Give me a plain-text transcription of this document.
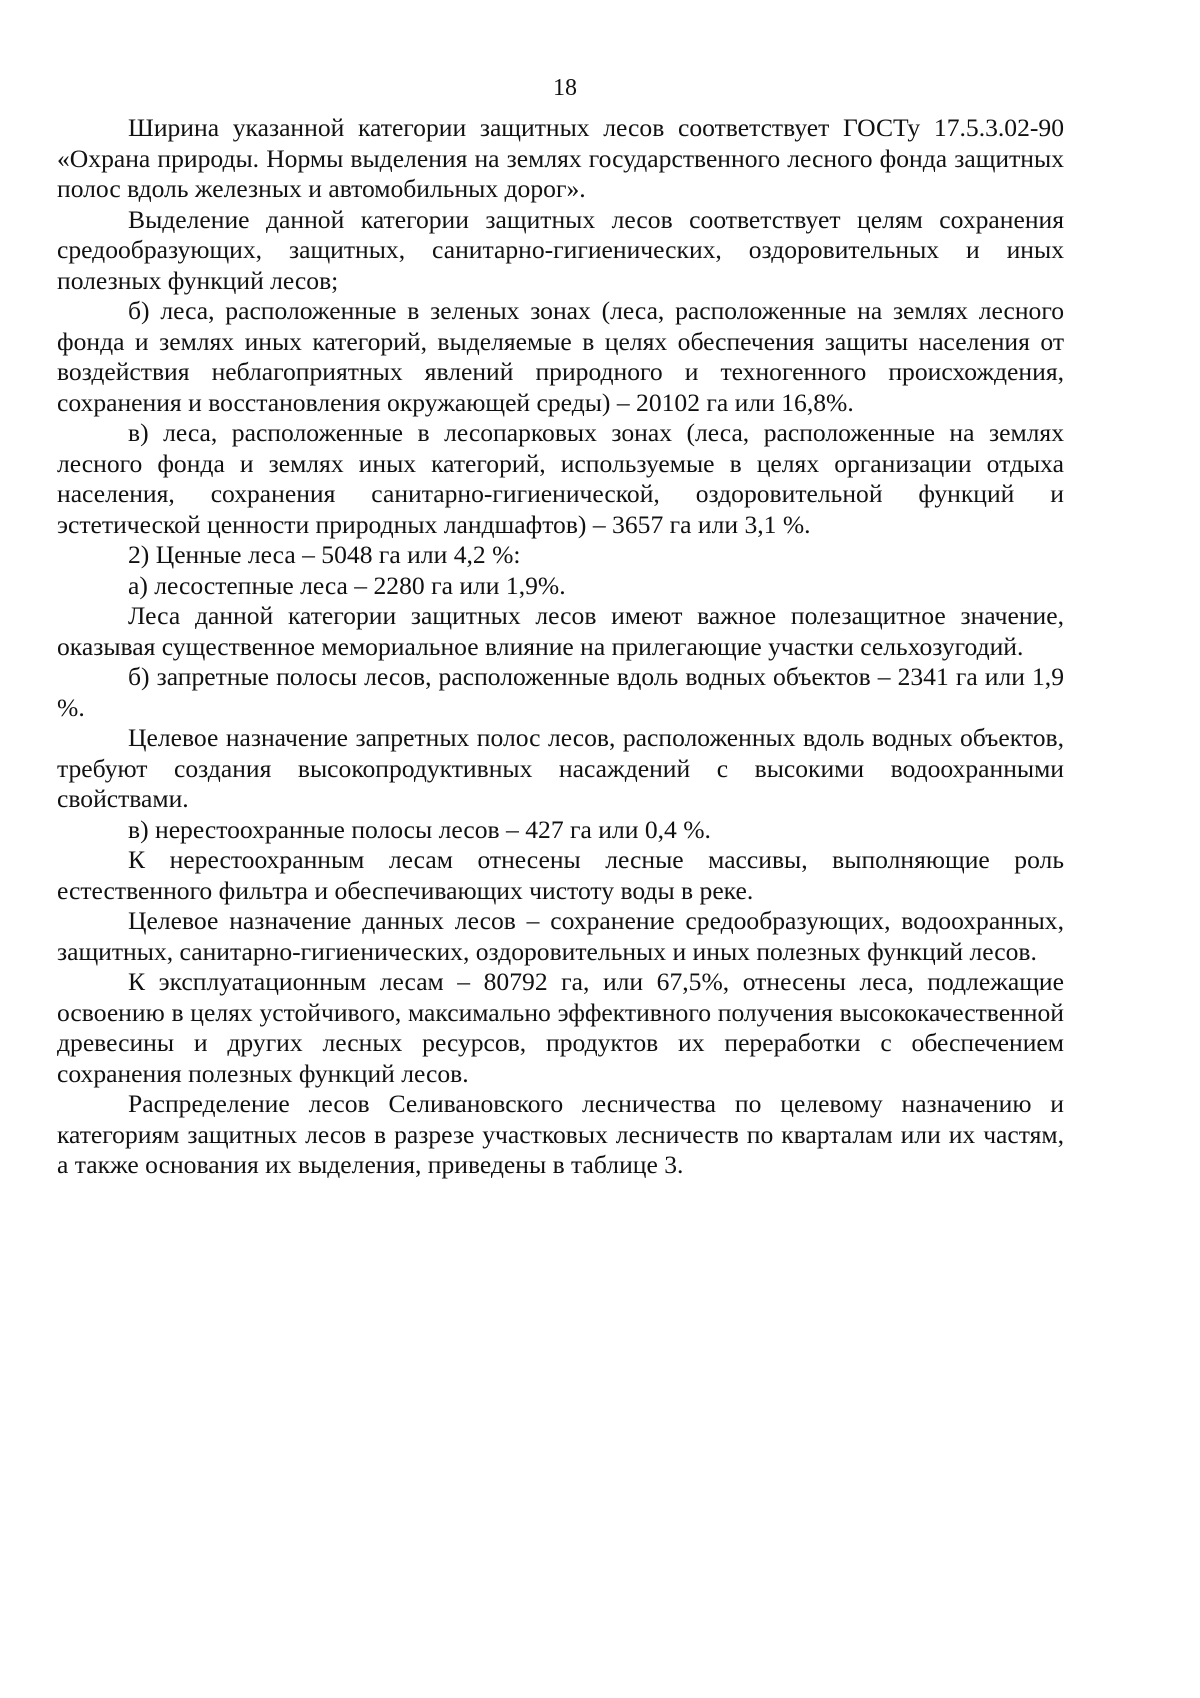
18

Ширина указанной категории защитных лесов соответствует ГОСТу 17.5.3.02-90 «Охрана природы. Нормы выделения на землях государственного лесного фонда защитных полос вдоль железных и автомобильных дорог».

Выделение данной категории защитных лесов соответствует целям сохранения средообразующих, защитных, санитарно-гигиенических, оздоровительных и иных полезных функций лесов;

б) леса, расположенные в зеленых зонах (леса, расположенные на землях лесного фонда и землях иных категорий, выделяемые в целях обеспечения защиты населения от воздействия неблагоприятных явлений природного и техногенного происхождения, сохранения и восстановления окружающей среды) – 20102 га или 16,8%.

в) леса, расположенные в лесопарковых зонах (леса, расположенные на землях лесного фонда и землях иных категорий, используемые в целях организации отдыха населения, сохранения санитарно-гигиенической, оздоровительной функций и эстетической ценности природных ландшафтов) – 3657 га или 3,1 %.

2) Ценные леса – 5048 га или 4,2 %:

а) лесостепные леса – 2280 га или 1,9%.

Леса данной категории защитных лесов имеют важное полезащитное значение, оказывая существенное мемориальное влияние на прилегающие участки сельхозугодий.

б) запретные полосы лесов, расположенные вдоль водных объектов – 2341 га или 1,9 %.

Целевое назначение запретных полос лесов, расположенных вдоль водных объектов, требуют создания высокопродуктивных насаждений с высокими водоохранными свойствами.

в) нерестоохранные полосы лесов – 427 га или 0,4 %.

К нерестоохранным лесам отнесены лесные массивы, выполняющие роль естественного фильтра и обеспечивающих чистоту воды в реке.

Целевое назначение данных лесов – сохранение средообразующих, водоохранных, защитных, санитарно-гигиенических, оздоровительных и иных полезных функций лесов.

К эксплуатационным лесам – 80792 га, или 67,5%, отнесены леса, подлежащие освоению в целях устойчивого, максимально эффективного получения высококачественной древесины и других лесных ресурсов, продуктов их переработки с обеспечением сохранения полезных функций лесов.

Распределение лесов Селивановского лесничества по целевому назначению и категориям защитных лесов в разрезе участковых лесничеств по кварталам или их частям, а также основания их выделения, приведены в таблице 3.
